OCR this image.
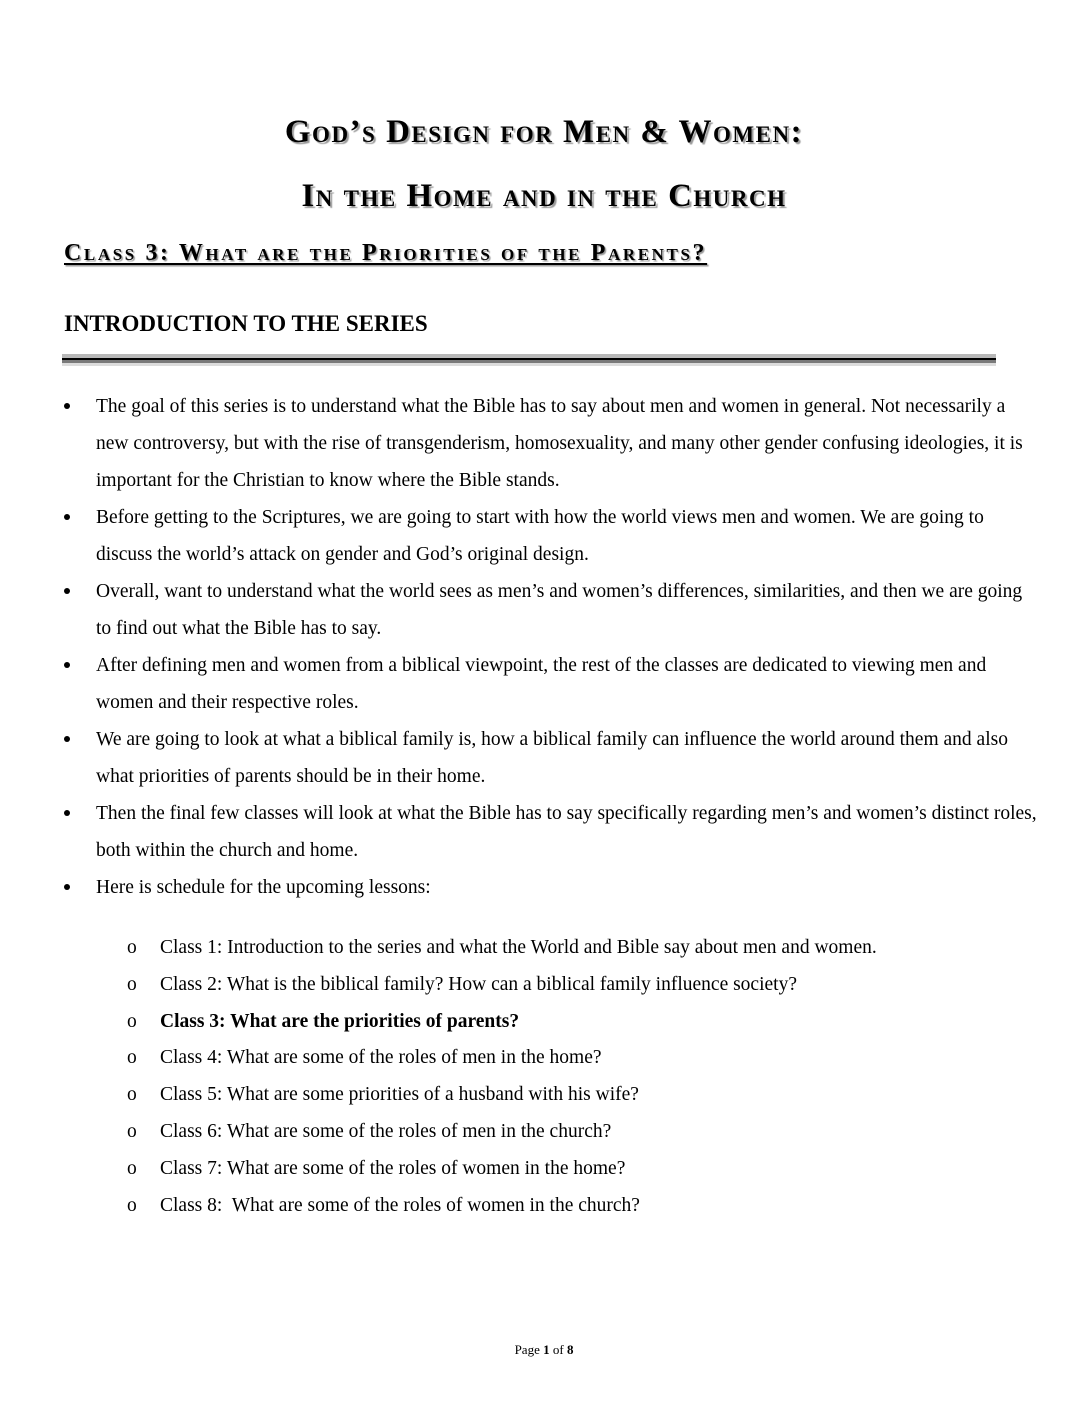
God’s Design for Men & Women:
In the Home and in the Church
Class 3: What are the Priorities of the Parents?
INTRODUCTION TO THE SERIES
The goal of this series is to understand what the Bible has to say about men and women in general. Not necessarily a new controversy, but with the rise of transgenderism, homosexuality, and many other gender confusing ideologies, it is important for the Christian to know where the Bible stands.
Before getting to the Scriptures, we are going to start with how the world views men and women. We are going to discuss the world’s attack on gender and God’s original design.
Overall, want to understand what the world sees as men’s and women’s differences, similarities, and then we are going to find out what the Bible has to say.
After defining men and women from a biblical viewpoint, the rest of the classes are dedicated to viewing men and women and their respective roles.
We are going to look at what a biblical family is, how a biblical family can influence the world around them and also what priorities of parents should be in their home.
Then the final few classes will look at what the Bible has to say specifically regarding men’s and women’s distinct roles, both within the church and home.
Here is schedule for the upcoming lessons:
o Class 1: Introduction to the series and what the World and Bible say about men and women.
o Class 2: What is the biblical family? How can a biblical family influence society?
o Class 3: What are the priorities of parents?
o Class 4: What are some of the roles of men in the home?
o Class 5: What are some priorities of a husband with his wife?
o Class 6: What are some of the roles of men in the church?
o Class 7: What are some of the roles of women in the home?
o Class 8:  What are some of the roles of women in the church?
Page 1 of 8
